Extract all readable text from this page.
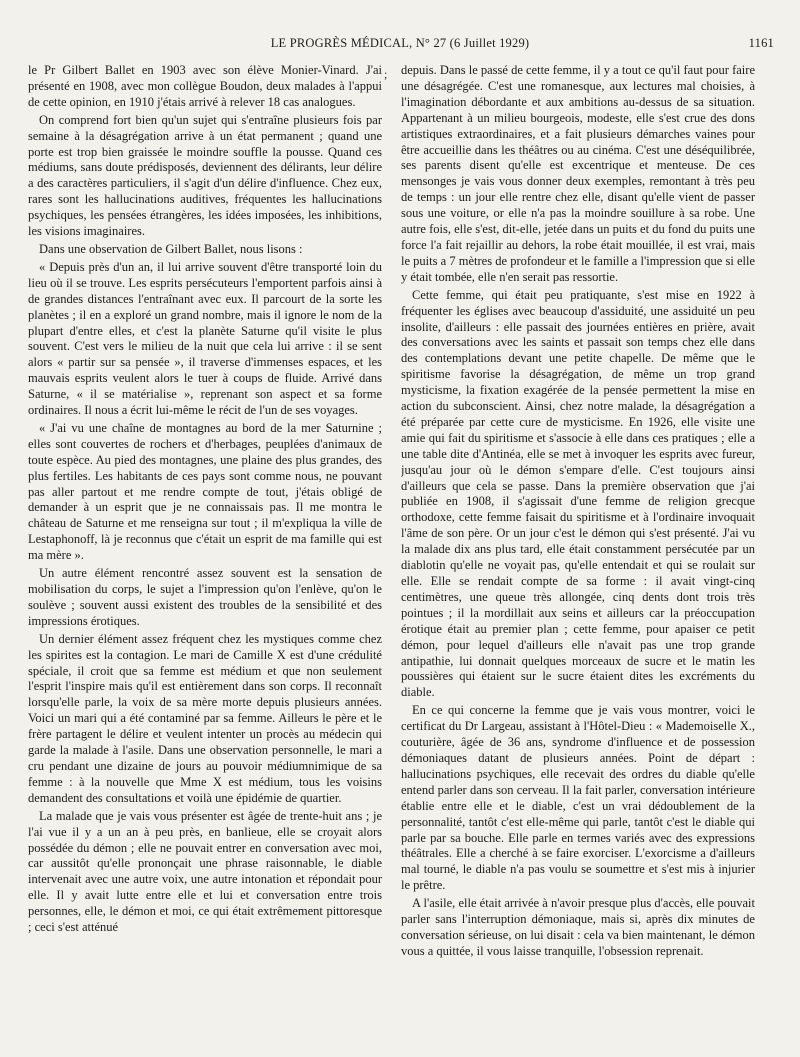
LE PROGRÈS MÉDICAL, N° 27 (6 Juillet 1929)	1161
;

le Pr Gilbert Ballet en 1903 avec son élève Monier-Vinard. J'ai présenté en 1908, avec mon collègue Boudon, deux malades à l'appui de cette opinion, en 1910 j'étais arrivé à relever 18 cas analogues.

On comprend fort bien qu'un sujet qui s'entraîne plusieurs fois par semaine à la désagrégation arrive à un état permanent ; quand une porte est trop bien graissée le moindre souffle la pousse. Quand ces médiums, sans doute prédisposés, deviennent des délirants, leur délire a des caractères particuliers, il s'agit d'un délire d'influence. Chez eux, rares sont les hallucinations auditives, fréquentes les hallucinations psychiques, les pensées étrangères, les idées imposées, les inhibitions, les visions imaginaires.

Dans une observation de Gilbert Ballet, nous lisons :

« Depuis près d'un an, il lui arrive souvent d'être transporté loin du lieu où il se trouve. Les esprits persécuteurs l'emportent parfois ainsi à de grandes distances l'entraînant avec eux. Il parcourt de la sorte les planètes ; il en a exploré un grand nombre, mais il ignore le nom de la plupart d'entre elles, et c'est la planète Saturne qu'il visite le plus souvent. C'est vers le milieu de la nuit que cela lui arrive : il se sent alors « partir sur sa pensée », il traverse d'immenses espaces, et les mauvais esprits veulent alors le tuer à coups de fluide. Arrivé dans Saturne, « il se matérialise », reprenant son aspect et sa forme ordinaires. Il nous a écrit lui-même le récit de l'un de ses voyages.

« J'ai vu une chaîne de montagnes au bord de la mer Saturnine ; elles sont couvertes de rochers et d'herbages, peuplées d'animaux de toute espèce. Au pied des montagnes, une plaine des plus grandes, des plus fertiles. Les habitants de ces pays sont comme nous, ne pouvant pas aller partout et me rendre compte de tout, j'étais obligé de demander à un esprit que je ne connaissais pas. Il me montra le château de Saturne et me renseigna sur tout ; il m'expliqua la ville de Lestaphonoff, là je reconnus que c'était un esprit de ma famille qui est ma mère ».

Un autre élément rencontré assez souvent est la sensation de mobilisation du corps, le sujet a l'impression qu'on l'enlève, qu'on le soulève ; souvent aussi existent des troubles de la sensibilité et des impressions érotiques.

Un dernier élément assez fréquent chez les mystiques comme chez les spirites est la contagion. Le mari de Camille X est d'une crédulité spéciale, il croit que sa femme est médium et que non seulement l'esprit l'inspire mais qu'il est entièrement dans son corps. Il reconnaît lorsqu'elle parle, la voix de sa mère morte depuis plusieurs années. Voici un mari qui a été contaminé par sa femme. Ailleurs le père et le frère partagent le délire et veulent intenter un procès au médecin qui garde la malade à l'asile. Dans une observation personnelle, le mari a cru pendant une dizaine de jours au pouvoir médiumnimique de sa femme : à la nouvelle que Mme X est médium, tous les voisins demandent des consultations et voilà une épidémie de quartier.

La malade que je vais vous présenter est âgée de trente-huit ans ; je l'ai vue il y a un an à peu près, en banlieue, elle se croyait alors possédée du démon ; elle ne pouvait entrer en conversation avec moi, car aussitôt qu'elle prononçait une phrase raisonnable, le diable intervenait avec une autre voix, une autre intonation et répondait pour elle. Il y avait lutte entre elle et lui et conversation entre trois personnes, elle, le démon et moi, ce qui était extrêmement pittoresque ; ceci s'est atténué

depuis. Dans le passé de cette femme, il y a tout ce qu'il faut pour faire une désagrégée. C'est une romanesque, aux lectures mal choisies, à l'imagination débordante et aux ambitions au-dessus de sa situation. Appartenant à un milieu bourgeois, modeste, elle s'est crue des dons artistiques extraordinaires, et a fait plusieurs démarches vaines pour être accueillie dans les théâtres ou au cinéma. C'est une déséquilibrée, ses parents disent qu'elle est excentrique et menteuse. De ces mensonges je vais vous donner deux exemples, remontant à très peu de temps : un jour elle rentre chez elle, disant qu'elle vient de passer sous une voiture, or elle n'a pas la moindre souillure à sa robe. Une autre fois, elle s'est, dit-elle, jetée dans un puits et du fond du puits une force l'a fait rejaillir au dehors, la robe était mouillée, il est vrai, mais le puits a 7 mètres de profondeur et le famille a l'impression que si elle y était tombée, elle n'en serait pas ressortie.

Cette femme, qui était peu pratiquante, s'est mise en 1922 à fréquenter les églises avec beaucoup d'assiduité, une assiduité un peu insolite, d'ailleurs : elle passait des journées entières en prière, avait des conversations avec les saints et passait son temps chez elle dans des contemplations devant une petite chapelle. De même que le spiritisme favorise la désagrégation, de même un trop grand mysticisme, la fixation exagérée de la pensée permettent la mise en action du subconscient. Ainsi, chez notre malade, la désagrégation a été préparée par cette cure de mysticisme. En 1926, elle visite une amie qui fait du spiritisme et s'associe à elle dans ces pratiques ; elle a une table dite d'Antinéa, elle se met à invoquer les esprits avec fureur, jusqu'au jour où le démon s'empare d'elle. C'est toujours ainsi d'ailleurs que cela se passe. Dans la première observation que j'ai publiée en 1908, il s'agissait d'une femme de religion grecque orthodoxe, cette femme faisait du spiritisme et à l'ordinaire invoquait l'âme de son père. Or un jour c'est le démon qui s'est présenté. J'ai vu la malade dix ans plus tard, elle était constamment persécutée par un diablotin qu'elle ne voyait pas, qu'elle entendait et qui se roulait sur elle. Elle se rendait compte de sa forme : il avait vingt-cinq centimètres, une queue très allongée, cinq dents dont trois très pointues ; il la mordillait aux seins et ailleurs car la préoccupation érotique était au premier plan ; cette femme, pour apaiser ce petit démon, pour lequel d'ailleurs elle n'avait pas une trop grande antipathie, lui donnait quelques morceaux de sucre et le matin les poussières qui étaient sur le sucre étaient dites les excréments du diable.

En ce qui concerne la femme que je vais vous montrer, voici le certificat du Dr Largeau, assistant à l'Hôtel-Dieu : « Mademoiselle X., couturière, âgée de 36 ans, syndrome d'influence et de possession démoniaques datant de plusieurs années. Point de départ : hallucinations psychiques, elle recevait des ordres du diable qu'elle entend parler dans son cerveau. Il la fait parler, conversation intérieure établie entre elle et le diable, c'est un vrai dédoublement de la personnalité, tantôt c'est elle-même qui parle, tantôt c'est le diable qui parle par sa bouche. Elle parle en termes variés avec des expressions théâtrales. Elle a cherché à se faire exorciser. L'exorcisme a d'ailleurs mal tourné, le diable n'a pas voulu se soumettre et s'est mis à injurier le prêtre.

A l'asile, elle était arrivée à n'avoir presque plus d'accès, elle pouvait parler sans l'interruption démoniaque, mais si, après dix minutes de conversation sérieuse, on lui disait : cela va bien maintenant, le démon vous a quittée, il vous laisse tranquille, l'obsession reprenait.
